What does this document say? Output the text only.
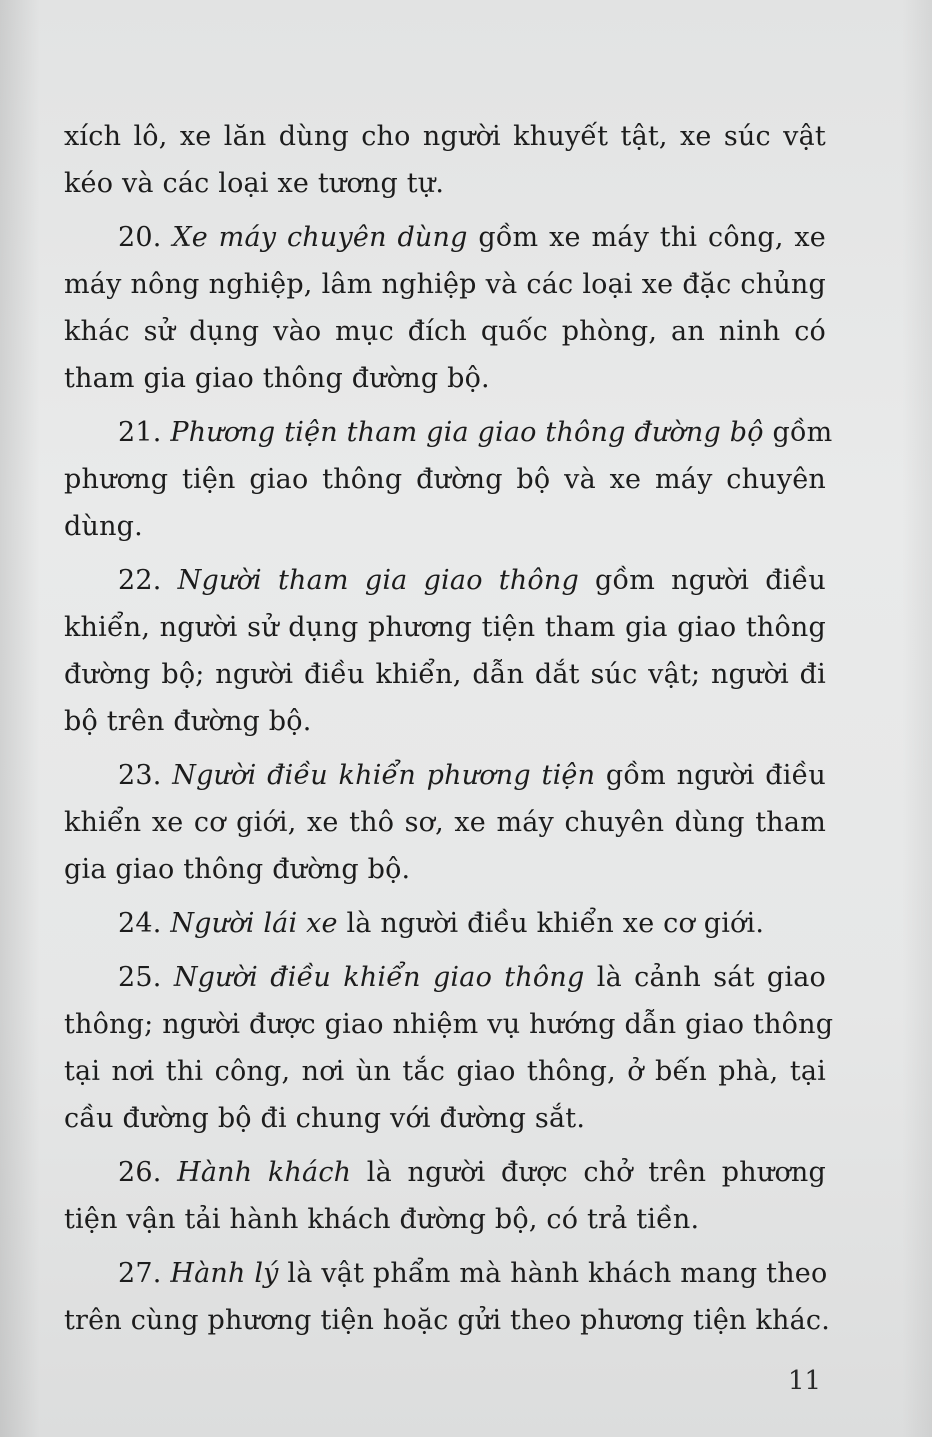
xích lô, xe lăn dùng cho người khuyết tật, xe súc vật
kéo và các loại xe tương tự.

20. Xe máy chuyên dùng gồm xe máy thi công, xe
máy nông nghiệp, lâm nghiệp và các loại xe đặc chủng
khác sử dụng vào mục đích quốc phòng, an ninh có
tham gia giao thông đường bộ.

21. Phương tiện tham gia giao thông đường bộ gồm
phương tiện giao thông đường bộ và xe máy chuyên
dùng.

22. Người tham gia giao thông gồm người điều
khiển, người sử dụng phương tiện tham gia giao thông
đường bộ; người điều khiển, dẫn dắt súc vật; người đi
bộ trên đường bộ.

23. Người điều khiển phương tiện gồm người điều
khiển xe cơ giới, xe thô sơ, xe máy chuyên dùng tham
gia giao thông đường bộ.

24. Người lái xe là người điều khiển xe cơ giới.

25. Người điều khiển giao thông là cảnh sát giao
thông; người được giao nhiệm vụ hướng dẫn giao thông
tại nơi thi công, nơi ùn tắc giao thông, ở bến phà, tại
cầu đường bộ đi chung với đường sắt.

26. Hành khách là người được chở trên phương
tiện vận tải hành khách đường bộ, có trả tiền.

27. Hành lý là vật phẩm mà hành khách mang theo
trên cùng phương tiện hoặc gửi theo phương tiện khác.

11
